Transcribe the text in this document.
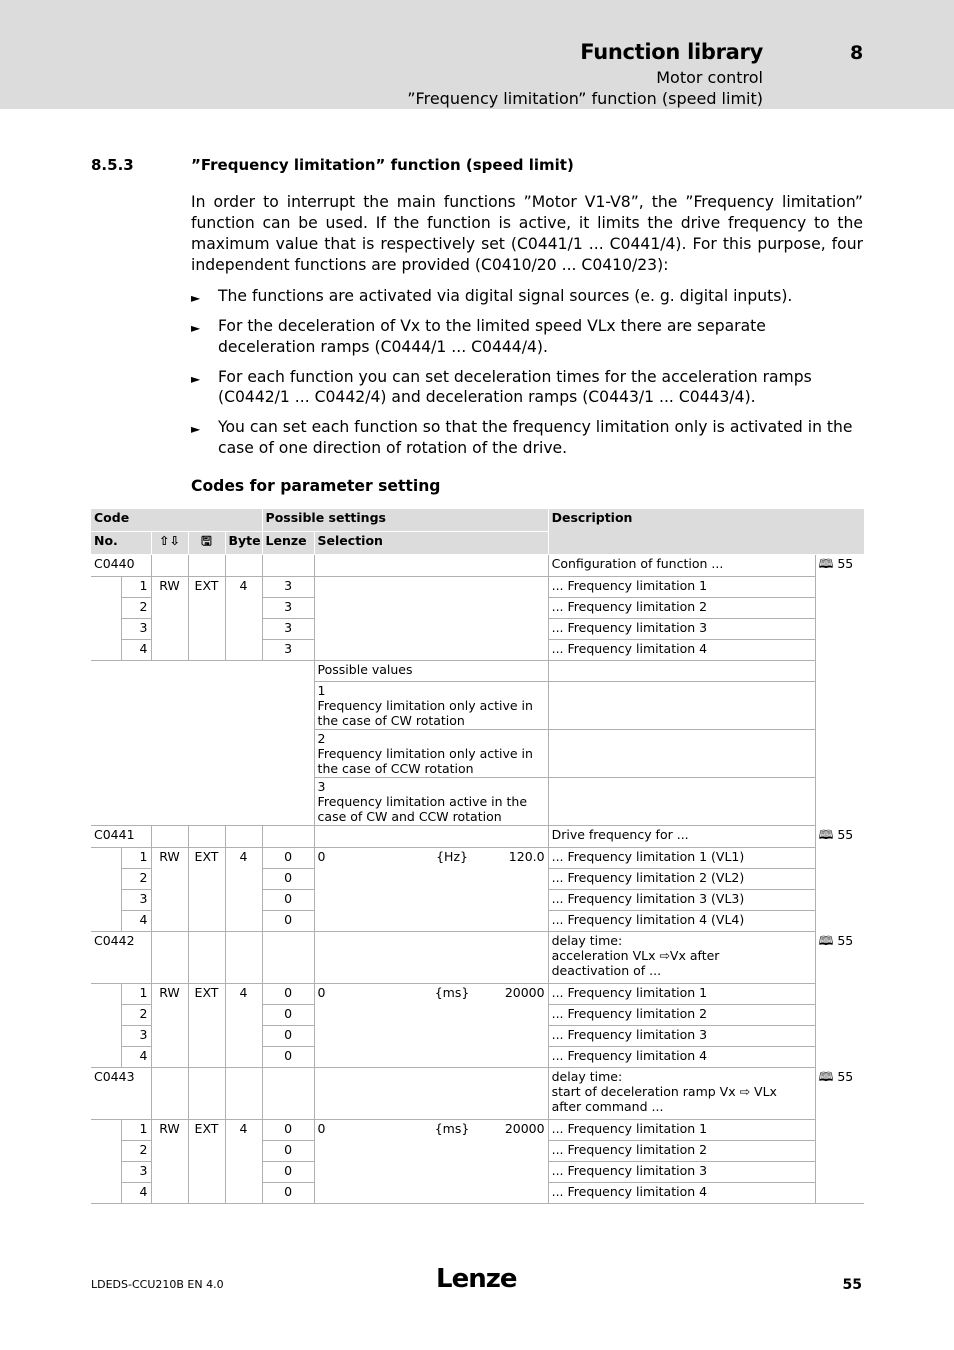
Function library	8
Motor control
”Frequency limitation” function (speed limit)
8.5.3	”Frequency limitation” function (speed limit)
In order to interrupt the main functions ”Motor V1-V8”, the ”Frequency limitation” function can be used. If the function is active, it limits the drive frequency to the maximum value that is respectively set (C0441/1 ... C0441/4). For this purpose, four independent functions are provided (C0410/20 ... C0410/23):
► The functions are activated via digital signal sources (e. g. digital inputs).
► For the deceleration of Vx to the limited speed VLx there are separate deceleration ramps (C0444/1 ... C0444/4).
► For each function you can set deceleration times for the acceleration ramps (C0442/1 ... C0442/4) and deceleration ramps (C0443/1 ... C0443/4).
► You can set each function so that the frequency limitation only is activated in the case of one direction of rotation of the drive.
Codes for parameter setting
Code					Possible settings				Description	
No.		⇧⇩	🖫	Byte	Lenze	Selection				
C0440									Configuration of function ...	🕮 55
	1	RW	EXT	4	3				... Frequency limitation 1	
	2				3				... Frequency limitation 2	
	3				3				... Frequency limitation 3	
	4				3				... Frequency limitation 4	
						Possible values				
						1Frequency limitation only active in the case of CW rotation				
						2Frequency limitation only active in the case of CCW rotation				
						3Frequency limitation active in the case of CW and CCW rotation				
C0441									Drive frequency for ...	🕮 55
	1	RW	EXT	4	0	0	{Hz}	120.0	... Frequency limitation 1 (VL1)	
	2				0				... Frequency limitation 2 (VL2)	
	3				0				... Frequency limitation 3 (VL3)	
	4				0				... Frequency limitation 4 (VL4)	
C0442									delay time:
acceleration VLx ⇨Vx after
deactivation of ...	🕮 55
	1	RW	EXT	4	0	0	{ms}	20000	... Frequency limitation 1	
	2				0				... Frequency limitation 2	
	3				0				... Frequency limitation 3	
	4				0				... Frequency limitation 4	
C0443									delay time:
start of deceleration ramp Vx ⇨ VLx
after command ...	🕮 55
	1	RW	EXT	4	0	0	{ms}	20000	... Frequency limitation 1	
	2				0				... Frequency limitation 2	
	3				0				... Frequency limitation 3	
	4				0				... Frequency limitation 4	
LDEDS-CCU210B EN 4.0	Lenze	55
